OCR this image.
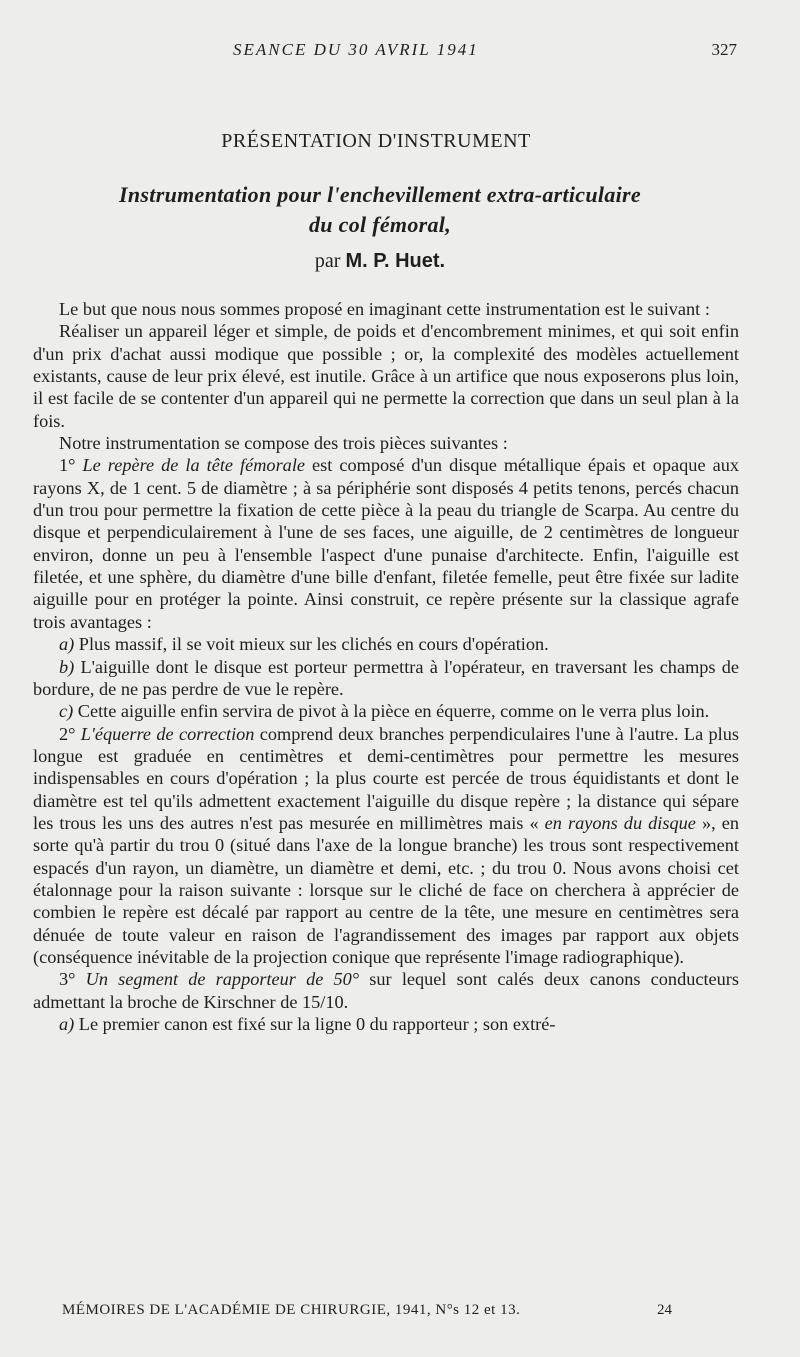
SEANCE DU 30 AVRIL 1941	327
PRÉSENTATION D'INSTRUMENT
Instrumentation pour l'enchevillement extra-articulaire
du col fémoral,
par M. P. Huet.

Le but que nous nous sommes proposé en imaginant cette instrumentation est le suivant :

Réaliser un appareil léger et simple, de poids et d'encombrement minimes, et qui soit enfin d'un prix d'achat aussi modique que possible ; or, la complexité des modèles actuellement existants, cause de leur prix élevé, est inutile. Grâce à un artifice que nous exposerons plus loin, il est facile de se contenter d'un appareil qui ne permette la correction que dans un seul plan à la fois.

Notre instrumentation se compose des trois pièces suivantes :

1° Le repère de la tête fémorale est composé d'un disque métallique épais et opaque aux rayons X, de 1 cent. 5 de diamètre ; à sa périphérie sont disposés 4 petits tenons, percés chacun d'un trou pour permettre la fixation de cette pièce à la peau du triangle de Scarpa. Au centre du disque et perpendiculairement à l'une de ses faces, une aiguille, de 2 centimètres de longueur environ, donne un peu à l'ensemble l'aspect d'une punaise d'architecte. Enfin, l'aiguille est filetée, et une sphère, du diamètre d'une bille d'enfant, filetée femelle, peut être fixée sur ladite aiguille pour en protéger la pointe. Ainsi construit, ce repère présente sur la classique agrafe trois avantages :

a) Plus massif, il se voit mieux sur les clichés en cours d'opération.

b) L'aiguille dont le disque est porteur permettra à l'opérateur, en traversant les champs de bordure, de ne pas perdre de vue le repère.

c) Cette aiguille enfin servira de pivot à la pièce en équerre, comme on le verra plus loin.

2° L'équerre de correction comprend deux branches perpendiculaires l'une à l'autre. La plus longue est graduée en centimètres et demi-centimètres pour permettre les mesures indispensables en cours d'opération ; la plus courte est percée de trous équidistants et dont le diamètre est tel qu'ils admettent exactement l'aiguille du disque repère ; la distance qui sépare les trous les uns des autres n'est pas mesurée en millimètres mais « en rayons du disque », en sorte qu'à partir du trou 0 (situé dans l'axe de la longue branche) les trous sont respectivement espacés d'un rayon, un diamètre, un diamètre et demi, etc. ; du trou 0. Nous avons choisi cet étalonnage pour la raison suivante : lorsque sur le cliché de face on cherchera à apprécier de combien le repère est décalé par rapport au centre de la tête, une mesure en centimètres sera dénuée de toute valeur en raison de l'agrandissement des images par rapport aux objets (conséquence inévitable de la projection conique que représente l'image radiographique).

3° Un segment de rapporteur de 50° sur lequel sont calés deux canons conducteurs admettant la broche de Kirschner de 15/10.

a) Le premier canon est fixé sur la ligne 0 du rapporteur ; son extré-

MÉMOIRES DE L'ACADÉMIE DE CHIRURGIE, 1941, N°s 12 et 13.	24
